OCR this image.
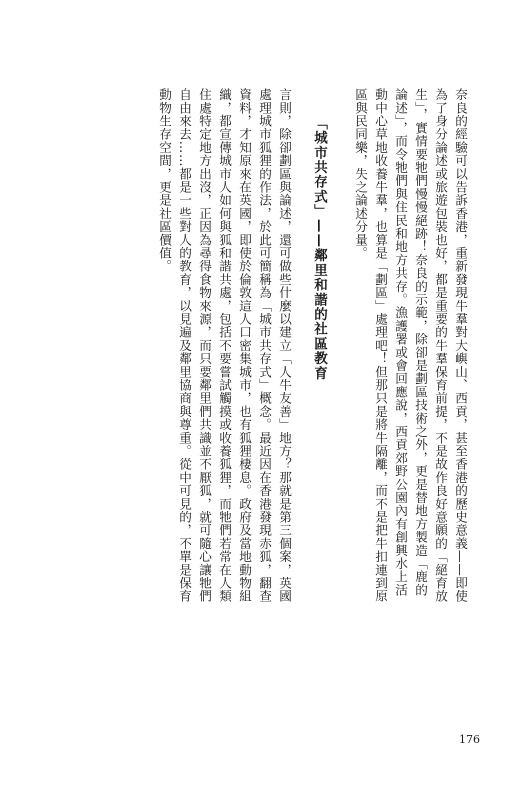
奈良的經驗可以告訴香港，重新發現牛羣對大嶼山、西貢，甚至香港的歷史意義——即使
為了身分論述或旅遊包裝也好，都是重要的牛羣保育前提，不是故作良好意願的「絕育放
生」，實情要牠們慢慢絕跡！奈良的示範，除卻是劃區技術之外，更是替地方製造「鹿的
論述」，而令牠們與住民和地方共存。漁護署或會回應說，西貢郊野公園內有創興水上活
動中心草地收養牛羣，也算是「劃區」處理吧！但那只是將牛隔離，而不是把牛扣連到原
區與民同樂，失之論述分量。
「城市共存式」——鄰里和諧的社區教育
言則，除卻劃區與論述，還可做些什麼以建立「人牛友善」地方？那就是第三個案，英國
處理城市狐狸的作法，於此可簡稱為「城市共存式」概念。最近因在香港發現赤狐，翻查
資料，才知原來在英國，即使於倫敦這人口密集城市，也有狐狸棲息。政府及當地動物組
織，都宣傳城市人如何與狐和諧共處，包括不要嘗試觸摸或收養狐狸，而牠們若常在人類
住處特定地方出沒，正因為尋得食物來源，而只要鄰里們共識並不厭狐，就可隨心讓牠們
自由來去……都是一些對人的教育，以見遍及鄰里協商與尊重。從中可見的，不單是保育
動物生存空間，更是社區價值。
176
